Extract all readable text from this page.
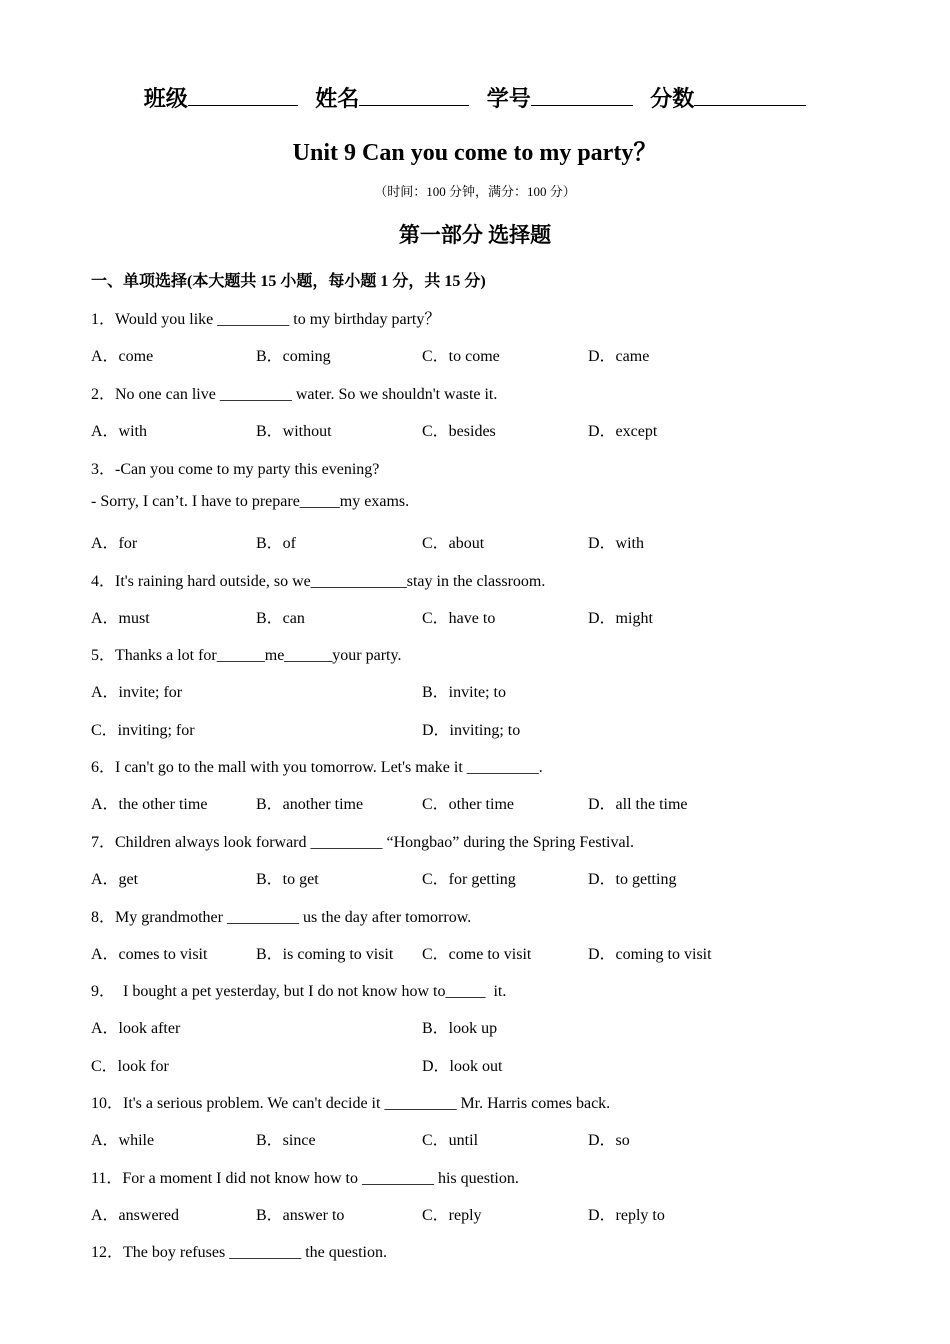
班级	姓名	学号	分数
Unit 9 Can you come to my party？
（时间：100 分钟，满分：100 分）
第一部分 选择题
一、单项选择(本大题共 15 小题，每小题 1 分，共 15 分)
1．Would you like _________ to my birthday party？
A．come	B．coming	C．to come	D．came
2．No one can live _________ water. So we shouldn't waste it.
A．with	B．without	C．besides	D．except
3．-Can you come to my party this evening?
- Sorry, I can’t. I have to prepare_____my exams.
A．for	B．of	C．about	D．with
4．It's raining hard outside, so we____________stay in the classroom.
A．must	B．can	C．have to	D．might
5．Thanks a lot for______me______your party.
A．invite; for	B．invite; to
C．inviting; for	D．inviting; to
6．I can't go to the mall with you tomorrow. Let's make it _________.
A．the other time	B．another time	C．other time	D．all the time
7．Children always look forward _________ “Hongbao” during the Spring Festival.
A．get	B．to get	C．for getting	D．to getting
8．My grandmother _________ us the day after tomorrow.
A．comes to visit	B．is coming to visit C．come to visit	D．coming to visit
9．  I bought a pet yesterday, but I do not know how to_____  it.
A．look after	B．look up
C．look for	D．look out
10．It's a serious problem. We can't decide it _________ Mr. Harris comes back.
A．while	B．since	C．until	D．so
11．For a moment I did not know how to _________ his question.
A．answered	B．answer to	C．reply	D．reply to
12．The boy refuses _________ the question.
